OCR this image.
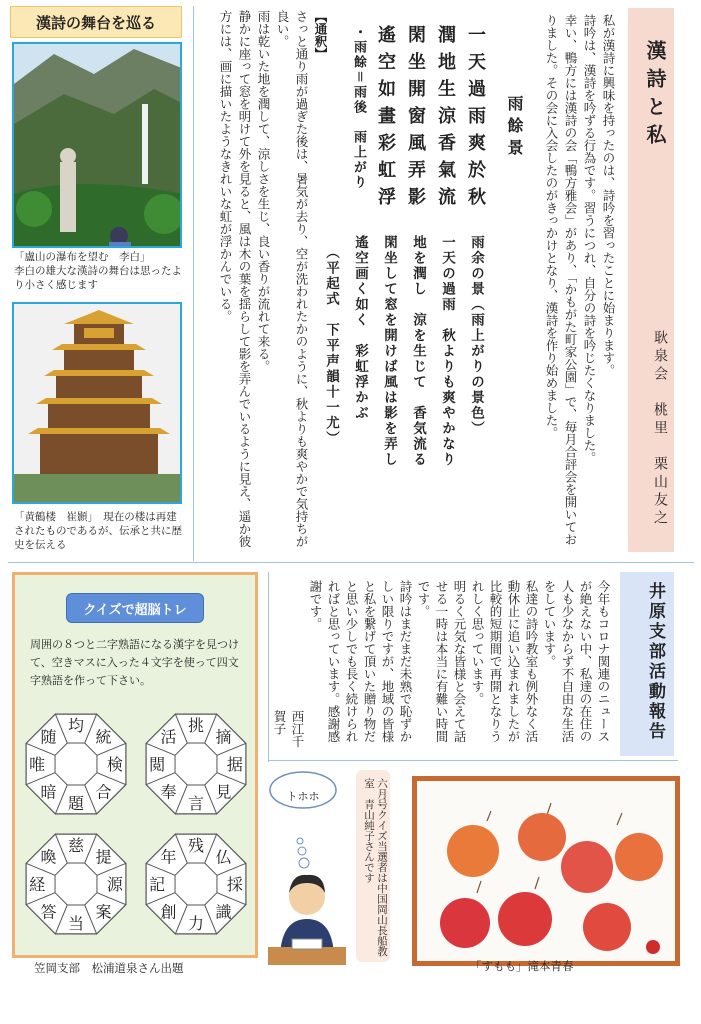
漢詩の舞台を巡る
「盧山の瀑布を望む　李白」
李白の雄大な漢詩の舞台は思ったより小さく感じます
「黄鶴楼　崔顥」　現在の楼は再建されたものであるが、伝承と共に歴史を伝える
漢詩と私
耿泉会　桃里　栗山友之

私が漢詩に興味を持ったのは、詩吟を習ったことに始まります。

詩吟は、漢詩を吟ずる行為です。習うにつれ、自分の詩を吟じたくなりました。

幸い、鴨方には漢詩の会「鴨方雅会」があり、「かもがた町家公園」で、毎月合評会を開いておりました。その会に入会したのがきっかけとなり、漢詩を作り始めました。

雨餘景

一天過雨爽於秋

潤地生涼香氣流

閑坐開窗風弄影

遙空如畫彩虹浮

雨余の景（雨上がりの景色）

一天の過雨　秋よりも爽やかなり

地を潤し　涼を生じて　香気流る

閑坐して窓を開けば風は影を弄し

遙空画く如く　彩虹浮かぶ

（平起式　下平声韻十一尤）

・雨餘＝雨後　雨上がり

【通釈】

さっと通り雨が過ぎた後は、暑気が去り、空が洗われたかのように、秋よりも爽やかで気持ちが良い。

雨は乾いた地を潤して、涼しさを生じ、良い香りが流れて来る。

静かに座って窓を明けて外を見ると、風は木の葉を揺らして影を弄んでいるように見え、遥か彼方には、画に描いたようなきれいな虹が浮かんでいる。

クイズで超脳トレ
周囲の８つと二字熟語になる漢字を見つけて、空きマスに入った４文字を使って四文字熟語を作って下さい。
挑
摘
据
見
言
奉
閲
活
均
統
検
合
題
暗
唯
随
残
仏
採
識
力
創
記
年
慈
提
源
案
当
答
経
喚
笠岡支部　松浦道泉さん出題

今年もコロナ関連のニュースが絶えない中、私達の在住の人も少なからず不自由な生活をしています。

私達の詩吟教室も例外なく活動休止に追い込まれましたが比較的短期間で再開となりうれしく思っています。

明るく元気な皆様と会えて話せる一時は本当に有難い時間です。

詩吟はまだまだ未熟で恥ずかしい限りですが、地域の皆様と私を繋げて頂いた贈り物だと思い少しでも長く続けられればと思っています。感謝感謝です。

西江千賀子	井原支部活動報告
トホホ	六月号クイズ当選者は中国岡山長船教室　青山純子さんです
「すもも」滝本青春
